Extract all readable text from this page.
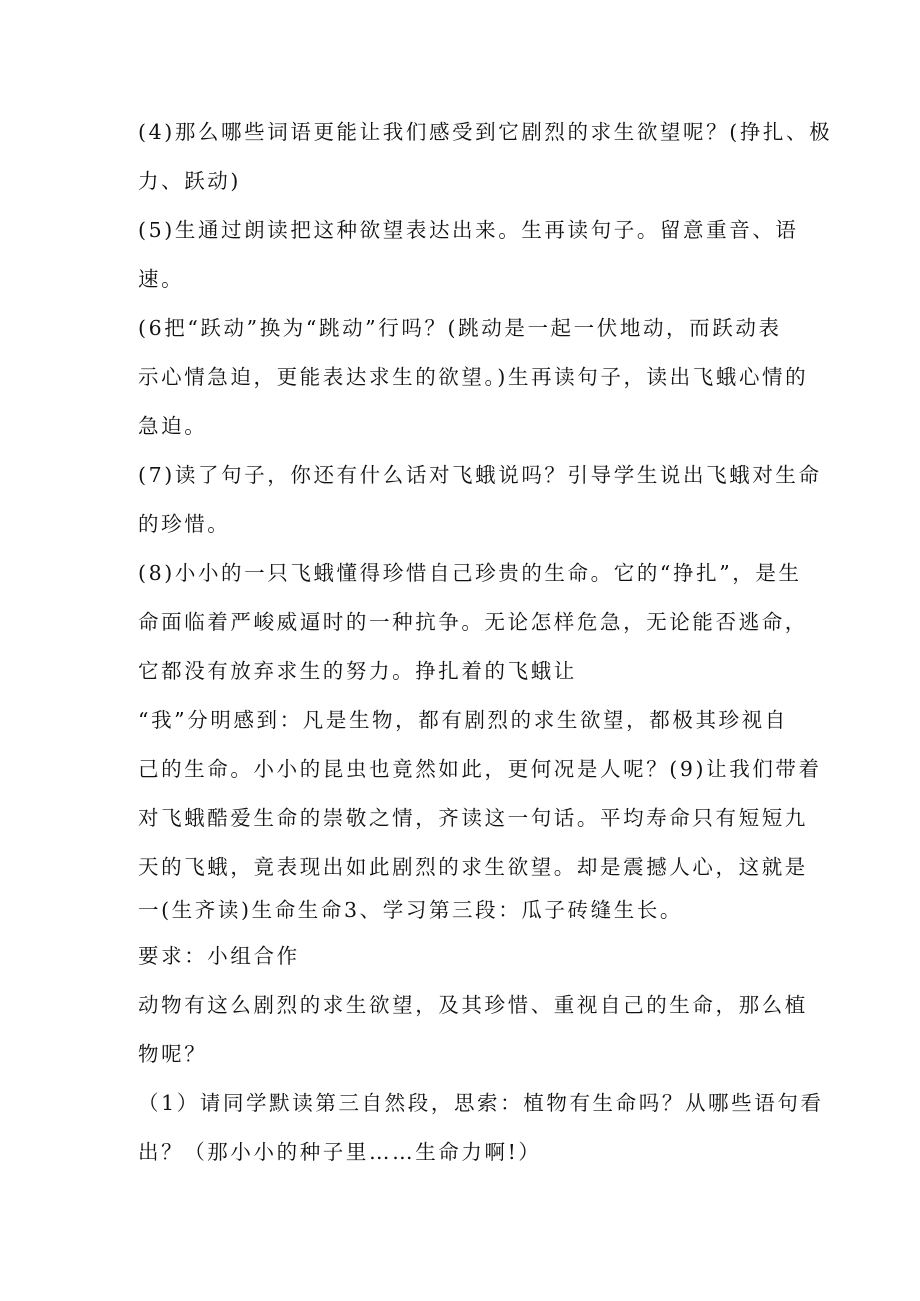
(4)那么哪些词语更能让我们感受到它剧烈的求生欲望呢？(挣扎、极
力、跃动)
(5)生通过朗读把这种欲望表达出来。生再读句子。留意重音、语
速。
(6把“跃动”换为“跳动”行吗？(跳动是一起一伏地动，而跃动表
示心情急迫，更能表达求生的欲望。)生再读句子，读出飞蛾心情的
急迫。
(7)读了句子，你还有什么话对飞蛾说吗？引导学生说出飞蛾对生命
的珍惜。
(8)小小的一只飞蛾懂得珍惜自己珍贵的生命。它的“挣扎”，是生
命面临着严峻威逼时的一种抗争。无论怎样危急，无论能否逃命，
它都没有放弃求生的努力。挣扎着的飞蛾让
“我”分明感到：凡是生物，都有剧烈的求生欲望，都极其珍视自
己的生命。小小的昆虫也竟然如此，更何况是人呢？(9)让我们带着
对飞蛾酷爱生命的崇敬之情，齐读这一句话。平均寿命只有短短九
天的飞蛾，竟表现出如此剧烈的求生欲望。却是震撼人心，这就是
一(生齐读)生命生命3、学习第三段：瓜子砖缝生长。
要求：小组合作
动物有这么剧烈的求生欲望，及其珍惜、重视自己的生命，那么植
物呢？
（1）请同学默读第三自然段，思索：植物有生命吗？从哪些语句看
出？（那小小的种子里……生命力啊!）
